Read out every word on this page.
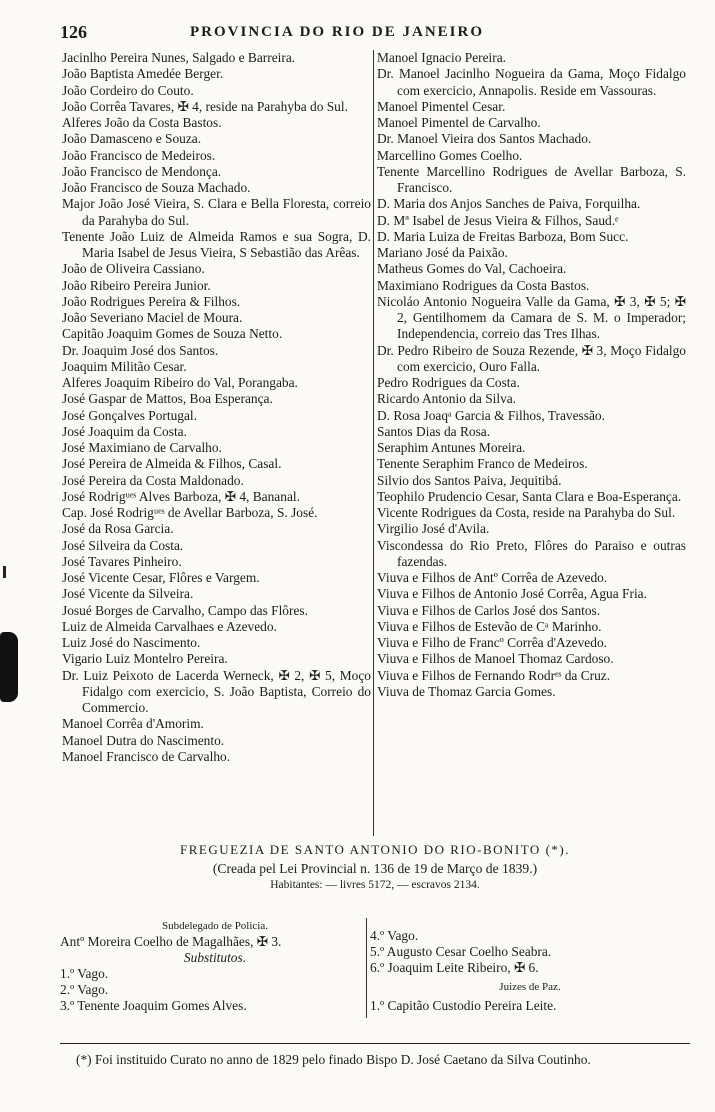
126	PROVINCIA DO RIO DE JANEIRO

Jacinlho Pereira Nunes, Salgado e Barreira.

João Baptista Amedée Berger.

João Cordeiro do Couto.

João Corrêa Tavares, ✠ 4, reside na Parahyba do Sul.

Alferes João da Costa Bastos.

João Damasceno e Souza.

João Francisco de Medeiros.

João Francisco de Mendonça.

João Francisco de Souza Machado.

Major João José Vieira, S. Clara e Bella Floresta, correio da Parahyba do Sul.

Tenente João Luiz de Almeida Ramos e sua Sogra, D. Maria Isabel de Jesus Vieira, S Sebastião das Arêas.

João de Oliveira Cassiano.

João Ribeiro Pereira Junior.

João Rodrigues Pereira & Filhos.

João Severiano Maciel de Moura.

Capitão Joaquim Gomes de Souza Netto.

Dr. Joaquim José dos Santos.

Joaquim Militão Cesar.

Alferes Joaquim Ribeiro do Val, Porangaba.

José Gaspar de Mattos, Boa Esperança.

José Gonçalves Portugal.

José Joaquim da Costa.

José Maximiano de Carvalho.

José Pereira de Almeida & Filhos, Casal.

José Pereira da Costa Maldonado.

José Rodrigᵘᵉˢ Alves Barboza, ✠ 4, Bananal.

Cap. José Rodrigᵘᵉˢ de Avellar Barboza, S. José.

José da Rosa Garcia.

José Silveira da Costa.

José Tavares Pinheiro.

José Vicente Cesar, Flôres e Vargem.

José Vicente da Silveira.

Josué Borges de Carvalho, Campo das Flôres.

Luiz de Almeida Carvalhaes e Azevedo.

Luiz José do Nascimento.

Vigario Luiz Montelro Pereira.

Dr. Luiz Peixoto de Lacerda Werneck, ✠ 2, ✠ 5, Moço Fidalgo com exercicio, S. João Baptista, Correio do Commercio.

Manoel Corrêa d'Amorim.

Manoel Dutra do Nascimento.

Manoel Francisco de Carvalho.

Manoel Ignacio Pereira.

Dr. Manoel Jacinlho Nogueira da Gama, Moço Fidalgo com exercicio, Annapolis. Reside em Vassouras.

Manoel Pimentel Cesar.

Manoel Pimentel de Carvalho.

Dr. Manoel Vieira dos Santos Machado.

Marcellino Gomes Coelho.

Tenente Marcellino Rodrigues de Avellar Barboza, S. Francisco.

D. Maria dos Anjos Sanches de Paiva, Forquilha.

D. Mª Isabel de Jesus Vieira & Filhos, Saud.ᵉ

D. Maria Luiza de Freitas Barboza, Bom Succ.

Mariano José da Paixão.

Matheus Gomes do Val, Cachoeira.

Maximiano Rodrigues da Costa Bastos.

Nicoláo Antonio Nogueira Valle da Gama, ✠ 3, ✠ 5; ✠ 2, Gentilhomem da Camara de S. M. o Imperador; Independencia, correio das Tres Ilhas.

Dr. Pedro Ribeiro de Souza Rezende, ✠ 3, Moço Fidalgo com exercicio, Ouro Falla.

Pedro Rodrigues da Costa.

Ricardo Antonio da Silva.

D. Rosa Joaqᵃ Garcia & Filhos, Travessão.

Santos Dias da Rosa.

Seraphim Antunes Moreira.

Tenente Seraphim Franco de Medeiros.

Silvio dos Santos Paiva, Jequitibá.

Teophilo Prudencio Cesar, Santa Clara e Boa-Esperança.

Vicente Rodrigues da Costa, reside na Parahyba do Sul.

Virgilio José d'Avila.

Viscondessa do Rio Preto, Flôres do Paraiso e outras fazendas.

Viuva e Filhos de Antº Corrêa de Azevedo.

Viuva e Filhos de Antonio José Corrêa, Agua Fria.

Viuva e Filhos de Carlos José dos Santos.

Viuva e Filhos de Estevão de Cᵃ Marinho.

Viuva e Filho de Francº Corrêa d'Azevedo.

Viuva e Filhos de Manoel Thomaz Cardoso.

Viuva e Filhos de Fernando Rodrᵉˢ da Cruz.

Viuva de Thomaz Garcia Gomes.

FREGUEZIA DE SANTO ANTONIO DO RIO-BONITO (*).

(Creada pel Lei Provincial n. 136 de 19 de Março de 1839.)

Habitantes: — livres 5172, — escravos 2134.

Subdelegado de Policia.

Antº Moreira Coelho de Magalhães, ✠ 3.

Substitutos.

1.º Vago.

2.º Vago.

3.º Tenente Joaquim Gomes Alves.

4.º Vago.

5.º Augusto Cesar Coelho Seabra.

6.º Joaquim Leite Ribeiro, ✠ 6.

Juizes de Paz.

1.º Capitão Custodio Pereira Leite.

(*) Foi instituido Curato no anno de 1829 pelo finado Bispo D. José Caetano da Silva Coutinho.
